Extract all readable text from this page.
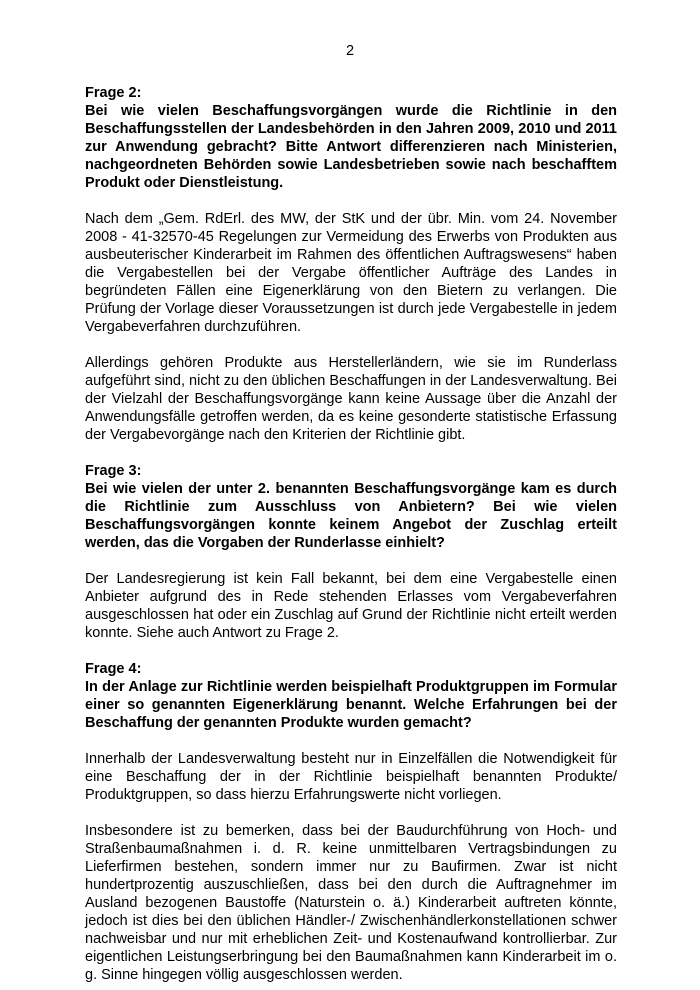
2

Frage 2:

Bei wie vielen Beschaffungsvorgängen wurde die Richtlinie in den Beschaffungsstellen der Landesbehörden in den Jahren 2009, 2010 und 2011 zur Anwendung gebracht? Bitte Antwort differenzieren nach Ministerien, nachgeordneten Behörden sowie Landesbetrieben sowie nach beschafftem Produkt oder Dienstleistung.

Nach dem „Gem. RdErl. des MW, der StK und der übr. Min. vom 24. November 2008 - 41-32570-45 Regelungen zur Vermeidung des Erwerbs von Produkten aus ausbeuterischer Kinderarbeit im Rahmen des öffentlichen Auftragswesens“ haben die Vergabestellen bei der Vergabe öffentlicher Aufträge des Landes in begründeten Fällen eine Eigenerklärung von den Bietern zu verlangen. Die Prüfung der Vorlage dieser Voraussetzungen ist durch jede Vergabestelle in jedem Vergabeverfahren durchzuführen.

Allerdings gehören Produkte aus Herstellerländern, wie sie im Runderlass aufgeführt sind, nicht zu den üblichen Beschaffungen in der Landesverwaltung. Bei der Vielzahl der Beschaffungsvorgänge kann keine Aussage über die Anzahl der Anwendungsfälle getroffen werden, da es keine gesonderte statistische Erfassung der Vergabevorgänge nach den Kriterien der Richtlinie gibt.

Frage 3:

Bei wie vielen der unter 2. benannten Beschaffungsvorgänge kam es durch die Richtlinie zum Ausschluss von Anbietern? Bei wie vielen Beschaffungsvorgängen konnte keinem Angebot der Zuschlag erteilt werden, das die Vorgaben der Runderlasse einhielt?

Der Landesregierung ist kein Fall bekannt, bei dem eine Vergabestelle einen Anbieter aufgrund des in Rede stehenden Erlasses vom Vergabeverfahren ausgeschlossen hat oder ein Zuschlag auf Grund der Richtlinie nicht erteilt werden konnte. Siehe auch Antwort zu Frage 2.

Frage 4:

In der Anlage zur Richtlinie werden beispielhaft Produktgruppen im Formular einer so genannten Eigenerklärung benannt. Welche Erfahrungen bei der Beschaffung der genannten Produkte wurden gemacht?

Innerhalb der Landesverwaltung besteht nur in Einzelfällen die Notwendigkeit für eine Beschaffung der in der Richtlinie beispielhaft benannten Produkte/ Produktgruppen, so dass hierzu Erfahrungswerte nicht vorliegen.

Insbesondere ist zu bemerken, dass bei der Baudurchführung von Hoch- und Straßenbaumaßnahmen i. d. R. keine unmittelbaren Vertragsbindungen zu Lieferfirmen bestehen, sondern immer nur zu Baufirmen. Zwar ist nicht hundertprozentig auszuschließen, dass bei den durch die Auftragnehmer im Ausland bezogenen Baustoffe (Naturstein o. ä.) Kinderarbeit auftreten könnte, jedoch ist dies bei den üblichen Händler-/ Zwischenhändlerkonstellationen schwer nachweisbar und nur mit erheblichen Zeit- und Kostenaufwand kontrollierbar. Zur eigentlichen Leistungserbringung bei den Baumaßnahmen kann Kinderarbeit im o. g. Sinne hingegen völlig ausgeschlossen werden.
